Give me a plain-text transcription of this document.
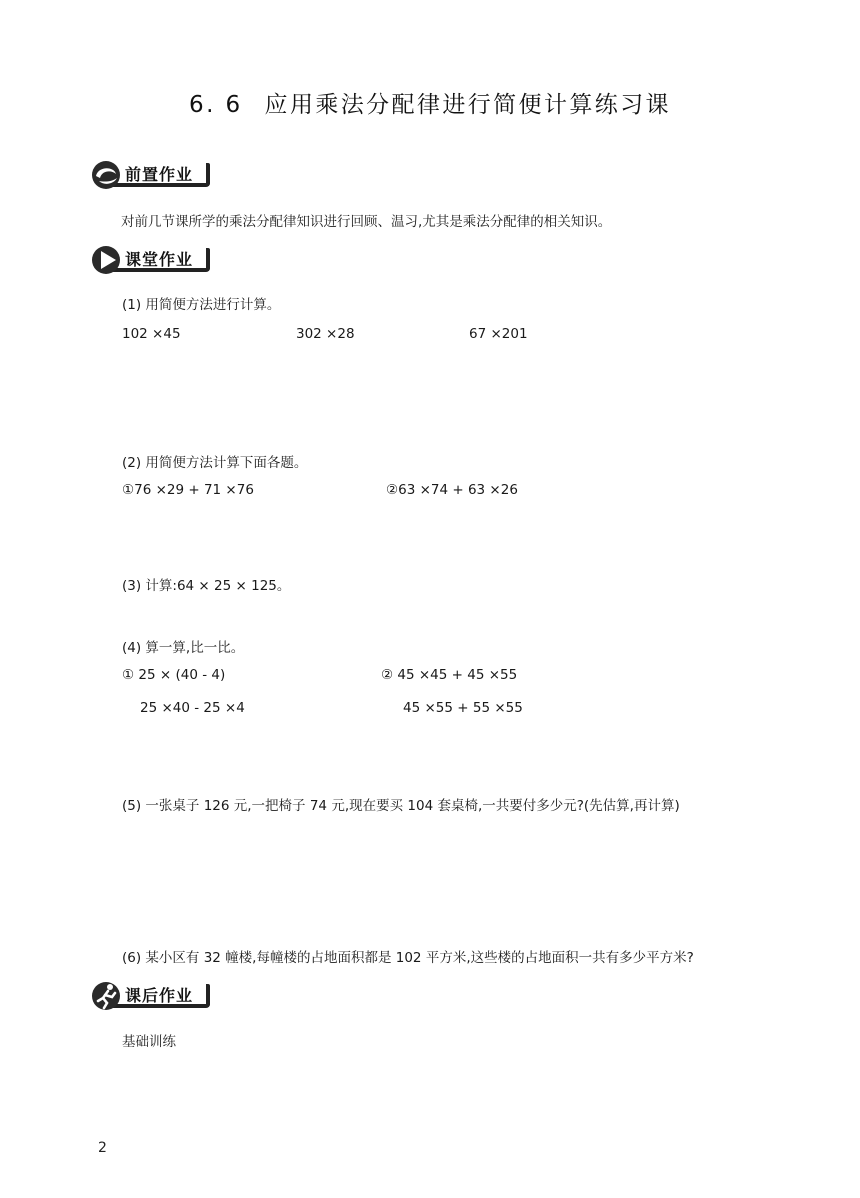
6. 6 应用乘法分配律进行简便计算练习课
前置作业
对前几节课所学的乘法分配律知识进行回顾、温习,尤其是乘法分配律的相关知识。
课堂作业
(1) 用简便方法进行计算。
102 ×45	302 ×28	67 ×201
(2) 用简便方法计算下面各题。
①76 ×29 + 71 ×76	②63 ×74 + 63 ×26
(3) 计算:64 × 25 × 125。
(4) 算一算,比一比。
① 25 × (40 - 4)
25 ×40 - 25 ×4
② 45 ×45 + 45 ×55
45 ×55 + 55 ×55
(5) 一张桌子 126 元,一把椅子 74 元,现在要买 104 套桌椅,一共要付多少元?(先估算,再计算)
(6) 某小区有 32 幢楼,每幢楼的占地面积都是 102 平方米,这些楼的占地面积一共有多少平方米?
课后作业
基础训练
2
